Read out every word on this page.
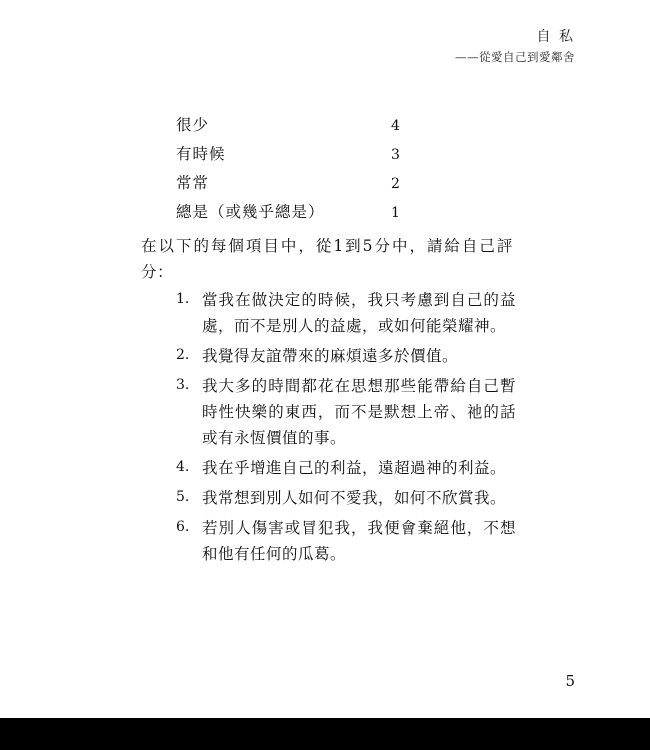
自 私
——從愛自己到愛鄰舍
很少	4
有時候	3
常常	2
總是（或幾乎總是）	1
在以下的每個項目中，從1到5分中，請給自己評分：
1. 當我在做決定的時候，我只考慮到自己的益處，而不是別人的益處，或如何能榮耀神。
2. 我覺得友誼帶來的麻煩遠多於價值。
3. 我大多的時間都花在思想那些能帶給自己暫時性快樂的東西，而不是默想上帝、祂的話或有永恆價值的事。
4. 我在乎增進自己的利益，遠超過神的利益。
5. 我常想到別人如何不愛我，如何不欣賞我。
6. 若別人傷害或冒犯我，我便會棄絕他，不想和他有任何的瓜葛。
5
